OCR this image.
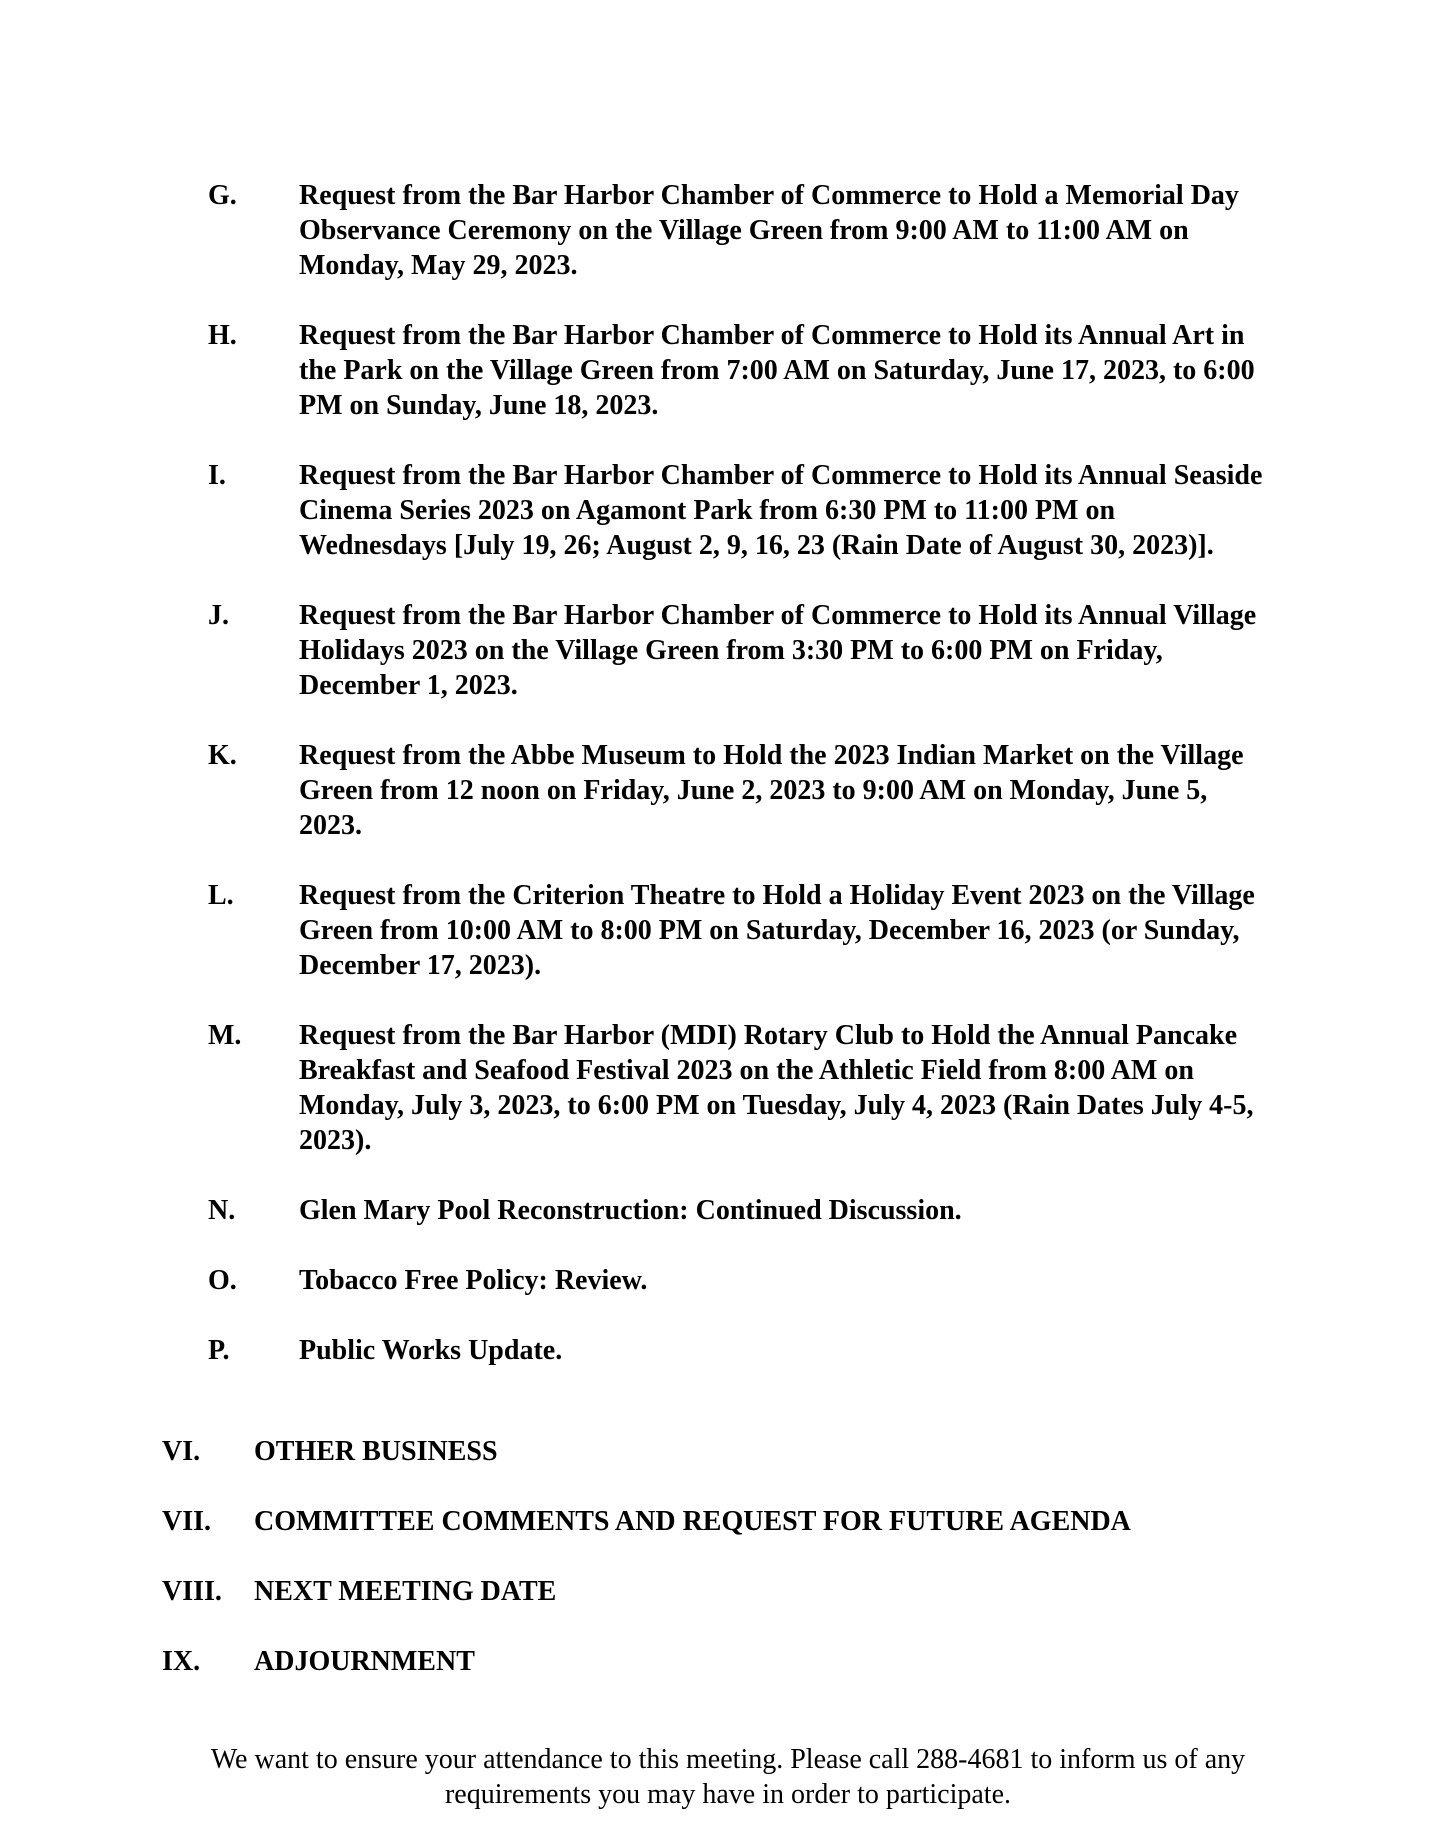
G.	Request from the Bar Harbor Chamber of Commerce to Hold a Memorial Day Observance Ceremony on the Village Green from 9:00 AM to 11:00 AM on Monday, May 29, 2023.
H.	Request from the Bar Harbor Chamber of Commerce to Hold its Annual Art in the Park on the Village Green from 7:00 AM on Saturday, June 17, 2023, to 6:00 PM on Sunday, June 18, 2023.
I.	Request from the Bar Harbor Chamber of Commerce to Hold its Annual Seaside Cinema Series 2023 on Agamont Park from 6:30 PM to 11:00 PM on Wednesdays [July 19, 26; August 2, 9, 16, 23 (Rain Date of August 30, 2023)].
J.	Request from the Bar Harbor Chamber of Commerce to Hold its Annual Village Holidays 2023 on the Village Green from 3:30 PM to 6:00 PM on Friday, December 1, 2023.
K.	Request from the Abbe Museum to Hold the 2023 Indian Market on the Village Green from 12 noon on Friday, June 2, 2023 to 9:00 AM on Monday, June 5, 2023.
L.	Request from the Criterion Theatre to Hold a Holiday Event 2023 on the Village Green from 10:00 AM to 8:00 PM on Saturday, December 16, 2023 (or Sunday, December 17, 2023).
M.	Request from the Bar Harbor (MDI) Rotary Club to Hold the Annual Pancake Breakfast and Seafood Festival 2023 on the Athletic Field from 8:00 AM on Monday, July 3, 2023, to 6:00 PM on Tuesday, July 4, 2023 (Rain Dates July 4-5, 2023).
N.	Glen Mary Pool Reconstruction: Continued Discussion.
O.	Tobacco Free Policy: Review.
P.	Public Works Update.
VI.	OTHER BUSINESS
VII.	COMMITTEE COMMENTS AND REQUEST FOR FUTURE AGENDA
VIII.	NEXT MEETING DATE
IX.	ADJOURNMENT
We want to ensure your attendance to this meeting. Please call 288-4681 to inform us of any requirements you may have in order to participate.
